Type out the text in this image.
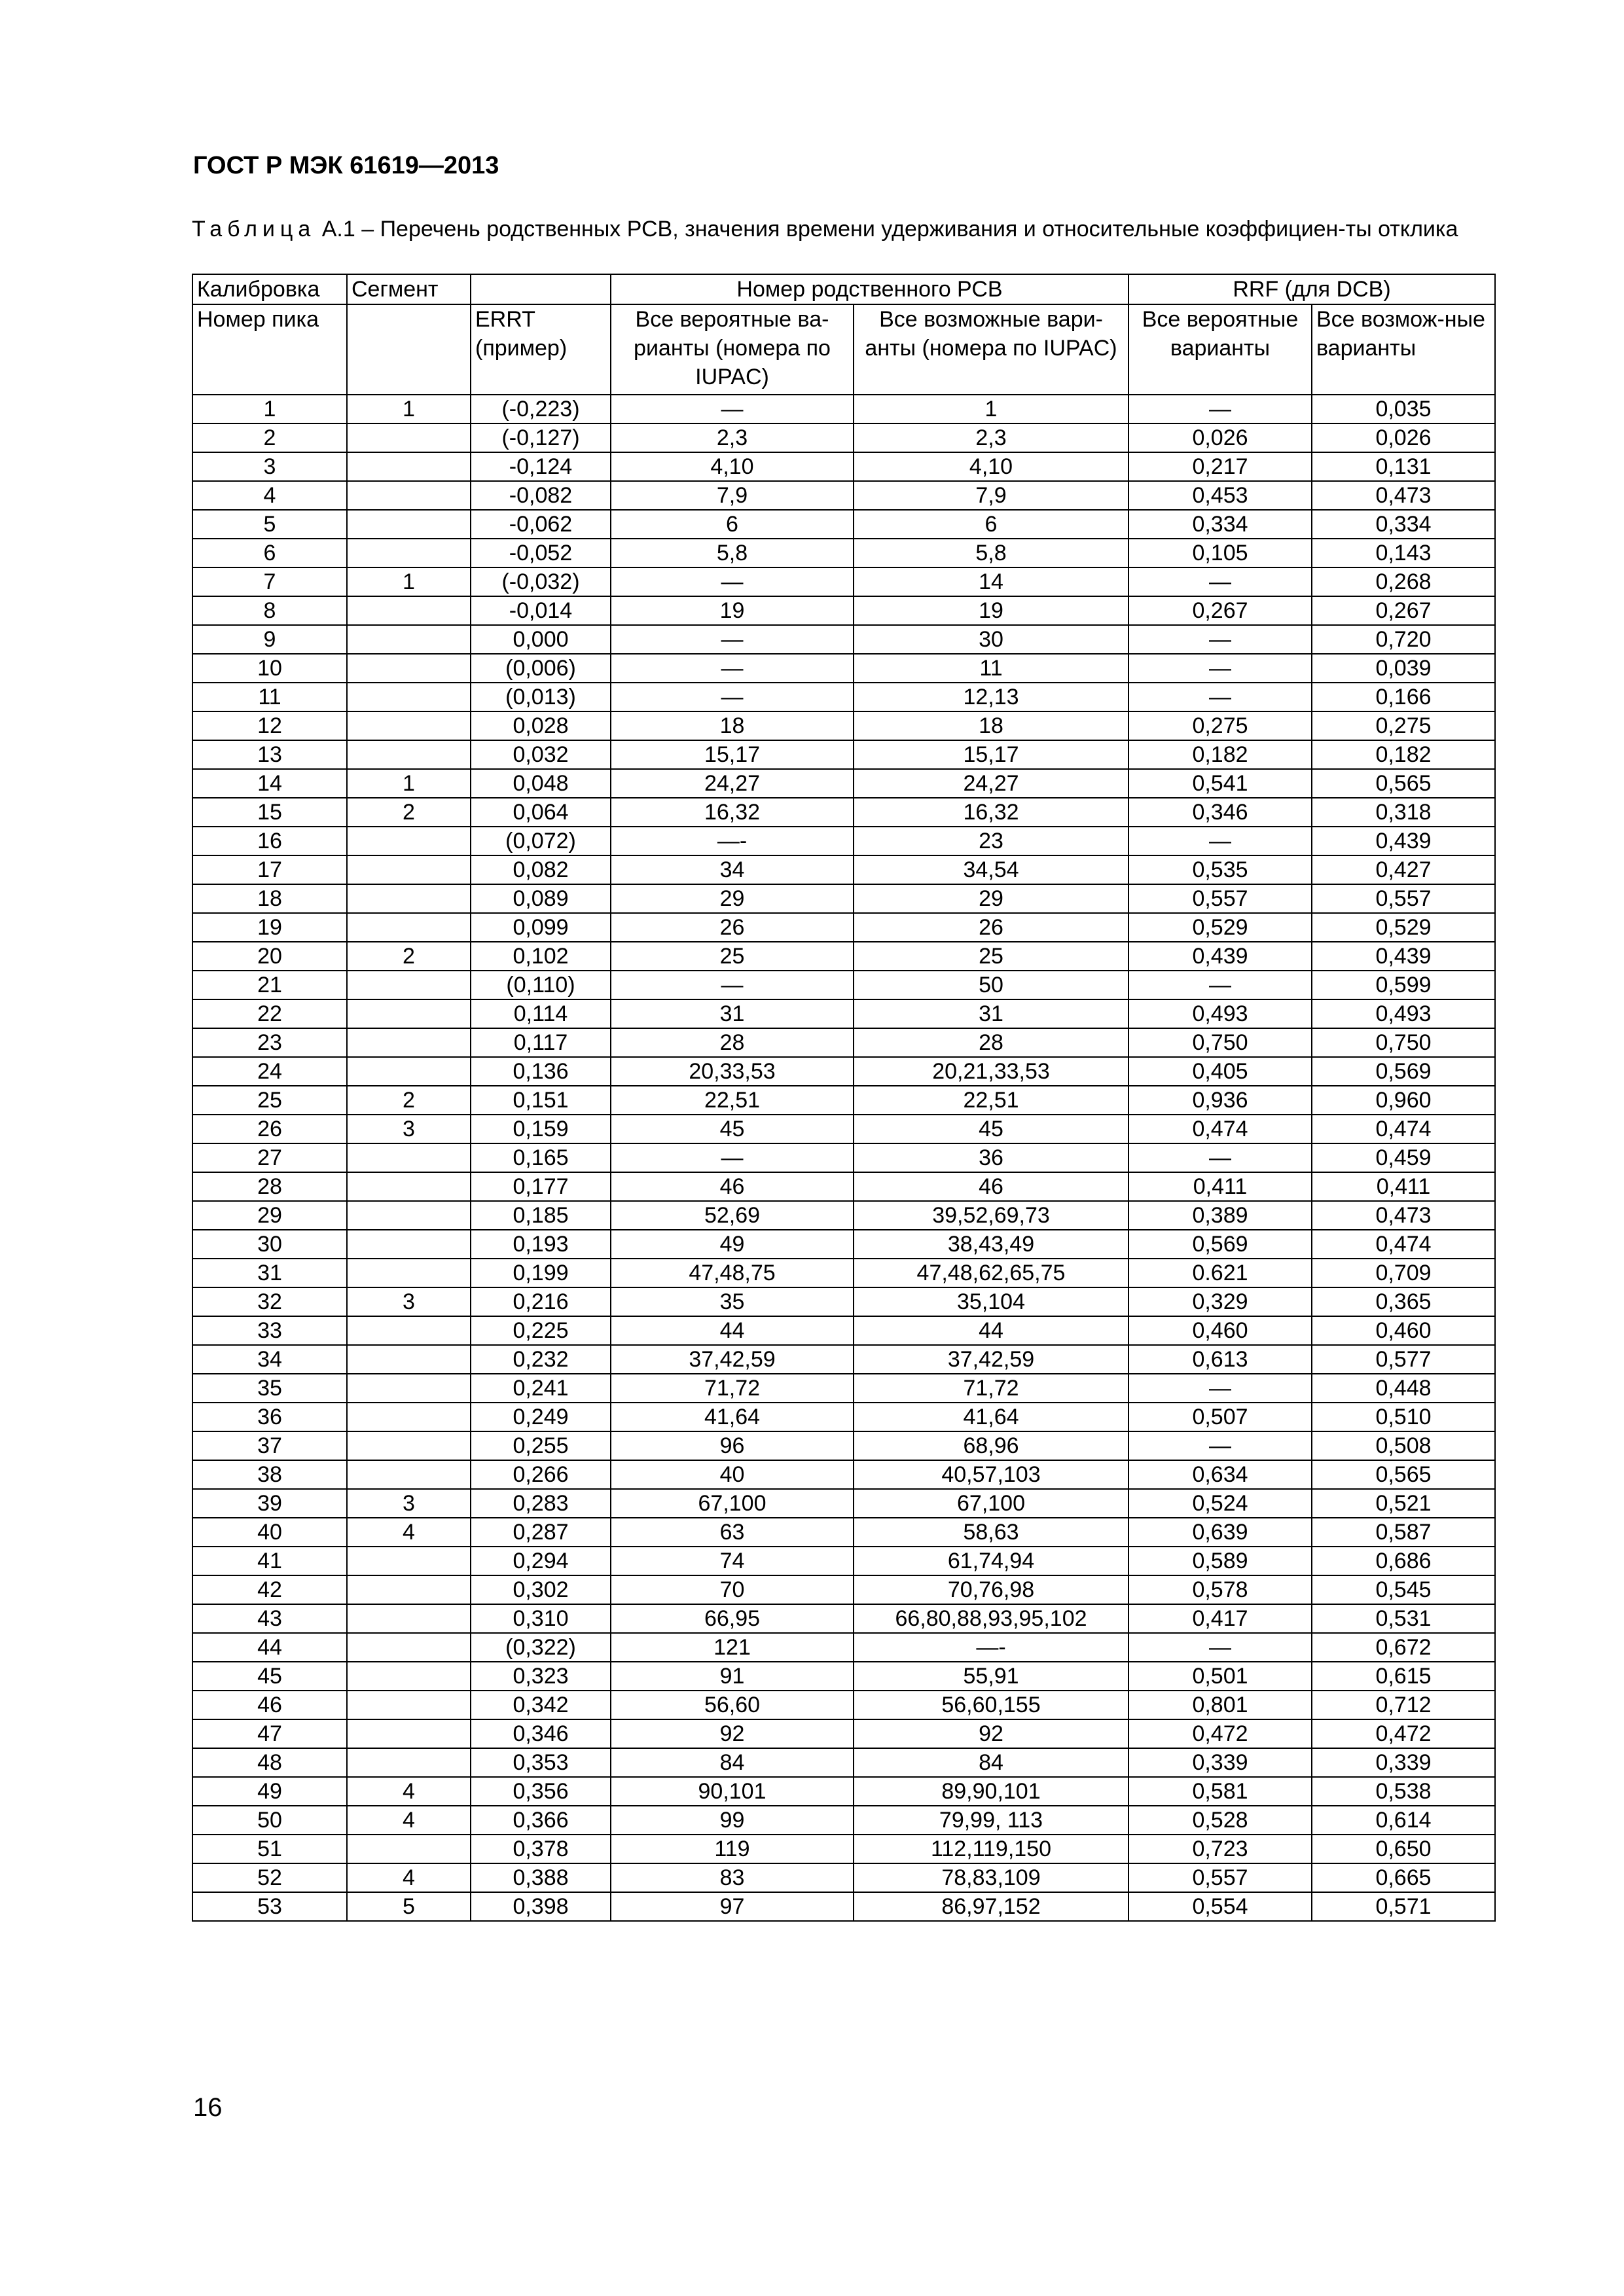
ГОСТ Р МЭК 61619—2013
Таблица А.1 – Перечень родственных РСВ, значения времени удерживания и относительные коэффициен-ты отклика
Калибровка	Сегмент		Номер родственного РСВ		RRF (для DCB)	
Номер пика		ERRT (пример)	Все вероятные ва-рианты (номера по IUPAC)	Все возможные вари-анты (номера по IUPAC)	Все вероятные варианты	Все возмож-ные варианты
1	1	(-0,223)	—	1	—	0,035
2		(-0,127)	2,3	2,3	0,026	0,026
3		-0,124	4,10	4,10	0,217	0,131
4		-0,082	7,9	7,9	0,453	0,473
5		-0,062	6	6	0,334	0,334
6		-0,052	5,8	5,8	0,105	0,143
7	1	(-0,032)	—	14	—	0,268
8		-0,014	19	19	0,267	0,267
9		0,000	—	30	—	0,720
10		(0,006)	—	11	—	0,039
11		(0,013)	—	12,13	—	0,166
12		0,028	18	18	0,275	0,275
13		0,032	15,17	15,17	0,182	0,182
14	1	0,048	24,27	24,27	0,541	0,565
15	2	0,064	16,32	16,32	0,346	0,318
16		(0,072)	—-	23	—	0,439
17		0,082	34	34,54	0,535	0,427
18		0,089	29	29	0,557	0,557
19		0,099	26	26	0,529	0,529
20	2	0,102	25	25	0,439	0,439
21		(0,110)	—	50	—	0,599
22		0,114	31	31	0,493	0,493
23		0,117	28	28	0,750	0,750
24		0,136	20,33,53	20,21,33,53	0,405	0,569
25	2	0,151	22,51	22,51	0,936	0,960
26	3	0,159	45	45	0,474	0,474
27		0,165	—	36	—	0,459
28		0,177	46	46	0,411	0,411
29		0,185	52,69	39,52,69,73	0,389	0,473
30		0,193	49	38,43,49	0,569	0,474
31		0,199	47,48,75	47,48,62,65,75	0.621	0,709
32	3	0,216	35	35,104	0,329	0,365
33		0,225	44	44	0,460	0,460
34		0,232	37,42,59	37,42,59	0,613	0,577
35		0,241	71,72	71,72	—	0,448
36		0,249	41,64	41,64	0,507	0,510
37		0,255	96	68,96	—	0,508
38		0,266	40	40,57,103	0,634	0,565
39	3	0,283	67,100	67,100	0,524	0,521
40	4	0,287	63	58,63	0,639	0,587
41		0,294	74	61,74,94	0,589	0,686
42		0,302	70	70,76,98	0,578	0,545
43		0,310	66,95	66,80,88,93,95,102	0,417	0,531
44		(0,322)	121	—-	—	0,672
45		0,323	91	55,91	0,501	0,615
46		0,342	56,60	56,60,155	0,801	0,712
47		0,346	92	92	0,472	0,472
48		0,353	84	84	0,339	0,339
49	4	0,356	90,101	89,90,101	0,581	0,538
50	4	0,366	99	79,99, 113	0,528	0,614
51		0,378	119	112,119,150	0,723	0,650
52	4	0,388	83	78,83,109	0,557	0,665
53	5	0,398	97	86,97,152	0,554	0,571
16
